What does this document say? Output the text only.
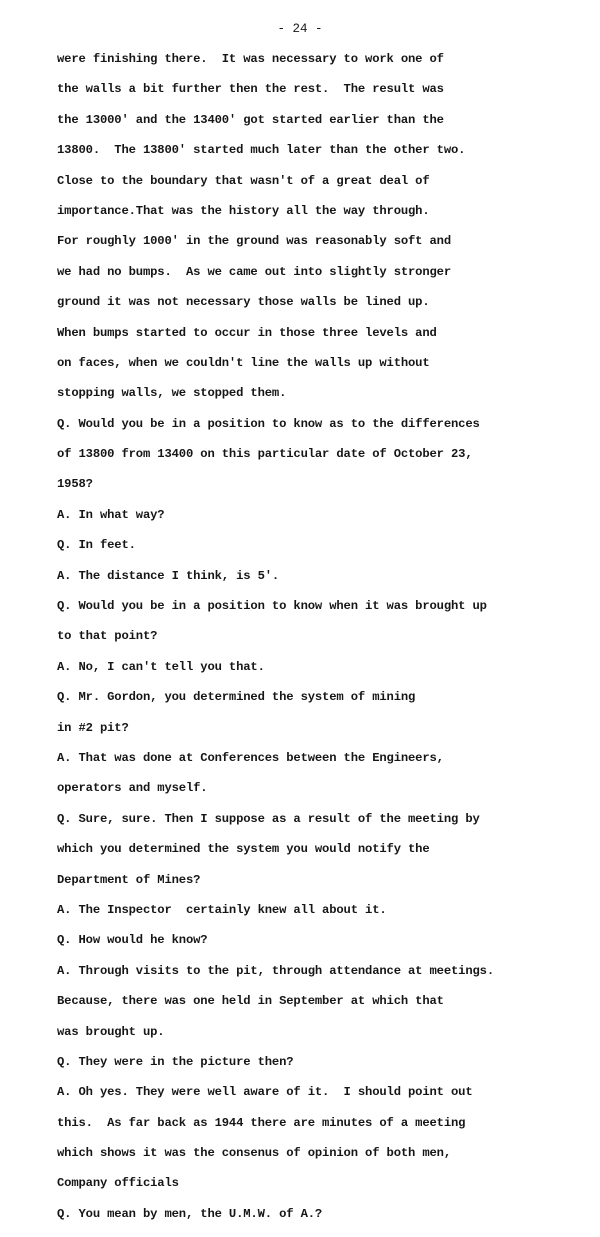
- 24 -
were finishing there.  It was necessary to work one of
the walls a bit further then the rest.  The result was
the 13000' and the 13400' got started earlier than the
13800.  The 13800' started much later than the other two.
Close to the boundary that wasn't of a great deal of
importance.That was the history all the way through.
For roughly 1000' in the ground was reasonably soft and
we had no bumps.  As we came out into slightly stronger
ground it was not necessary those walls be lined up.
When bumps started to occur in those three levels and
on faces, when we couldn't line the walls up without
stopping walls, we stopped them.
Q. Would you be in a position to know as to the differences
of 13800 from 13400 on this particular date of October 23,
1958?
A. In what way?
Q. In feet.
A. The distance I think, is 5'.
Q. Would you be in a position to know when it was brought up
to that point?
A. No, I can't tell you that.
Q. Mr. Gordon, you determined the system of mining
in #2 pit?
A. That was done at Conferences between the Engineers,
operators and myself.
Q. Sure, sure. Then I suppose as a result of the meeting by
which you determined the system you would notify the
Department of Mines?
A. The Inspector  certainly knew all about it.
Q. How would he know?
A. Through visits to the pit, through attendance at meetings.
Because, there was one held in September at which that
was brought up.
Q. They were in the picture then?
A. Oh yes. They were well aware of it.  I should point out
this.  As far back as 1944 there are minutes of a meeting
which shows it was the consenus of opinion of both men,
Company officials
Q. You mean by men, the U.M.W. of A.?
